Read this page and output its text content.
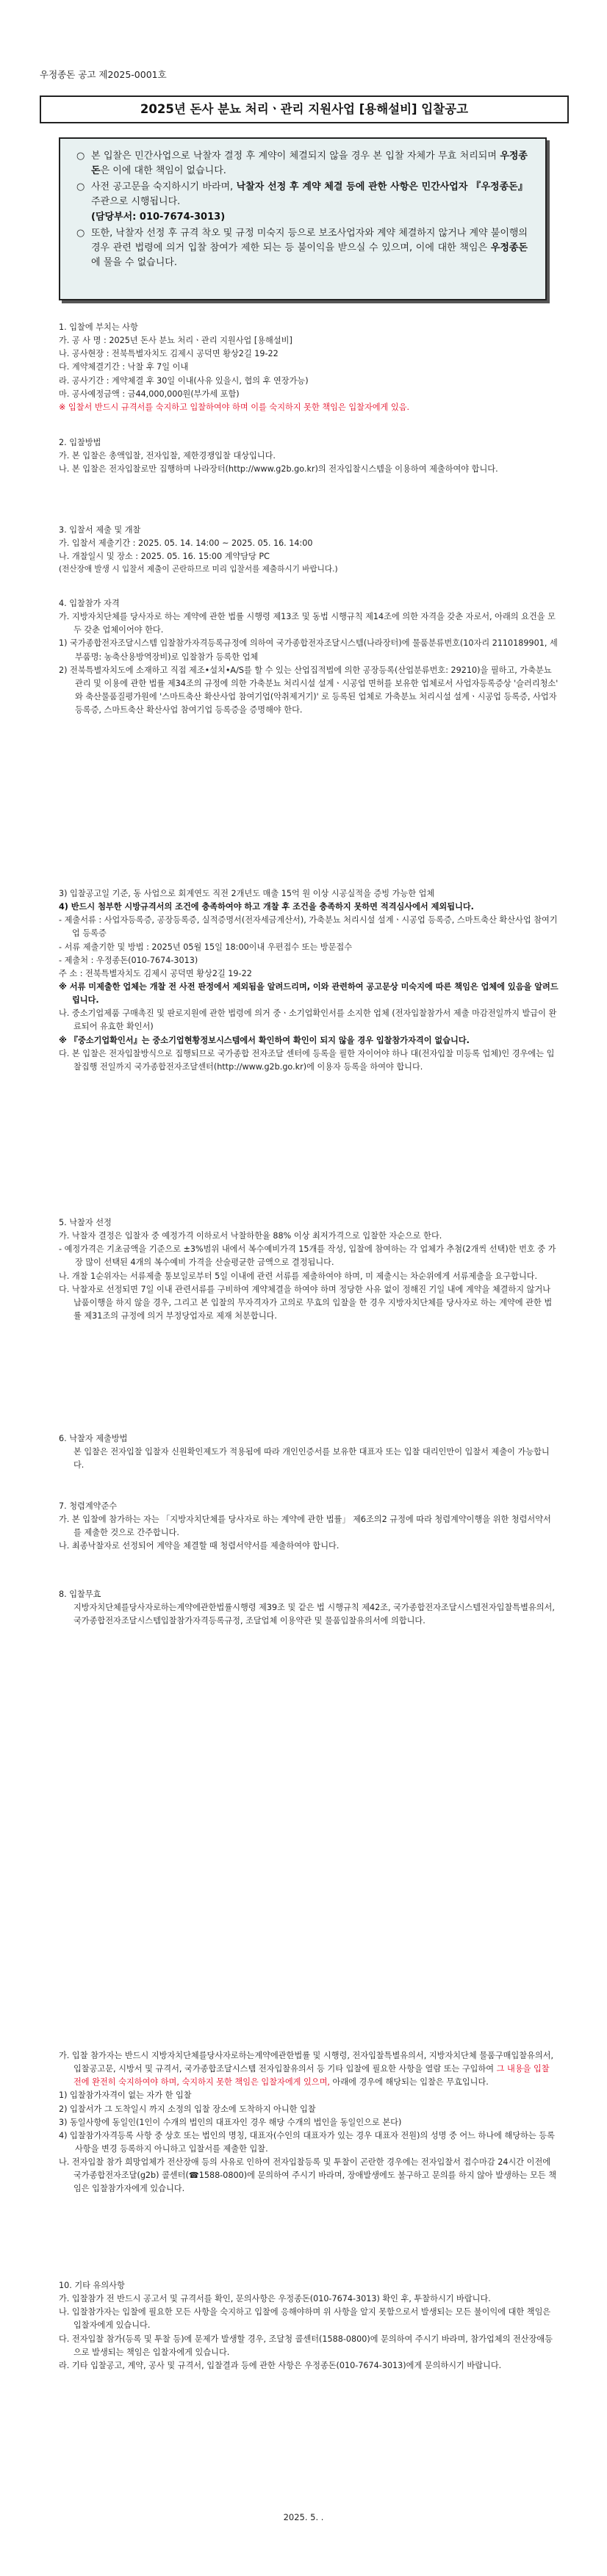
우정종돈 공고 제2025-0001호
2025년 돈사 분뇨 처리ㆍ관리 지원사업 [용해설비] 입찰공고
○ 본 입찰은 민간사업으로 낙찰자 결정 후 계약이 체결되지 않을 경우 본 입찰 자체가 무효 처리되며 우정종돈은 이에 대한 책임이 없습니다.
○ 사전 공고문을 숙지하시기 바라며, 낙찰자 선정 후 계약 체결 등에 관한 사항은 민간사업자 『우정종돈』주관으로 시행됩니다.
(담당부서: 010-7674-3013)
○ 또한, 낙찰자 선정 후 규격 착오 및 규정 미숙지 등으로 보조사업자와 계약 체결하지 않거나 계약 불이행의 경우 관련 법령에 의거 입찰 참여가 제한 되는 등 불이익을 받으실 수 있으며, 이에 대한 책임은 우정종돈에 물을 수 없습니다.

1. 입찰에 부치는 사항

가. 공 사 명 : 2025년 돈사 분뇨 처리ㆍ관리 지원사업 [용해설비]

나. 공사현장 : 전북특별자치도 김제시 공덕면 황상2길 19-22

다. 계약체결기간 : 낙찰 후 7일 이내

라. 공사기간 : 계약체결 후 30일 이내(사유 있을시, 협의 후 연장가능)

마. 공사예정금액 : 금44,000,000원(부가세 포함)

※ 입찰서 반드시 규격서를 숙지하고 입찰하여야 하며 이를 숙지하지 못한 책임은 입찰자에게 있음.

2. 입찰방법

가. 본 입찰은 총액입찰, 전자입찰, 제한경쟁입찰 대상입니다.

나. 본 입찰은 전자입찰로만 집행하며 나라장터(http://www.g2b.go.kr)의 전자입찰시스템을 이용하여 제출하여야 합니다.

3. 입찰서 제출 및 개찰

가. 입찰서 제출기간 : 2025. 05. 14. 14:00 ~ 2025. 05. 16. 14:00

나. 개찰일시 및 장소 : 2025. 05. 16. 15:00 계약담당 PC

(전산장애 발생 시 입찰서 제출이 곤란하므로 미리 입찰서를 제출하시기 바랍니다.)

4. 입찰참가 자격

가. 지방자치단체를 당사자로 하는 계약에 관한 법률 시행령 제13조 및 동법 시행규칙 제14조에 의한 자격을 갖춘 자로서, 아래의 요건을 모두 갖춘 업체이어야 한다.

1) 국가종합전자조달시스템 입찰참가자격등록규정에 의하여 국가종합전자조달시스템(나라장터)에 물품분류번호(10자리 2110189901, 세부품명: 농축산용방역장비)로 입찰참가 등록한 업체

2) 전북특별자치도에 소재하고 직접 제조•설치•A/S를 할 수 있는 산업집적법에 의한 공장등록(산업분류번호: 29210)을 필하고, 가축분뇨관리 및 이용에 관한 법률 제34조의 규정에 의한 가축분뇨 처리시설 설계ㆍ시공업 면허를 보유한 업체로서 사업자등록증상 '슬러리청소' 와 축산물품질평가원에 '스마트축산 확산사업 참여기업(악취제거기)' 로 등록된 업체로 가축분뇨 처리시설 설계ㆍ시공업 등록증, 사업자등록증, 스마트축산 확산사업 참여기업 등록증을 증명해야 한다.

3) 입찰공고일 기준, 동 사업으로 회계연도 직전 2개년도 매출 15억 원 이상 시공실적을 증빙 가능한 업체

4) 반드시 첨부한 시방규격서의 조건에 충족하여야 하고 개찰 후 조건을 충족하지 못하면 적격심사에서 제외됩니다.

- 제출서류 : 사업자등록증, 공장등록증, 실적증명서(전자세금계산서), 가축분뇨 처리시설 설계ㆍ시공업 등록증, 스마트축산 확산사업 참여기업 등록증

- 서류 제출기한 및 방법 : 2025년 05월 15일 18:00이내 우편접수 또는 방문접수

- 제출처 : 우정종돈(010-7674-3013)

주 소 : 전북특별자치도 김제시 공덕면 황상2길 19-22

※ 서류 미제출한 업체는 개찰 전 사전 판정에서 제외됨을 알려드리며, 이와 관련하여 공고문상 미숙지에 따른 책임은 업체에 있음을 알려드립니다.

나. 중소기업제품 구매촉진 및 판로지원에 관한 법령에 의거 중ㆍ소기업확인서를 소지한 업체 (전자입찰참가서 제출 마감전일까지 발급이 완료되어 유효한 확인서)

※ 『중소기업확인서』는 중소기업현황정보시스템에서 확인하여 확인이 되지 않을 경우 입찰참가자격이 없습니다.

다. 본 입찰은 전자입찰방식으로 집행되므로 국가종합 전자조달 센터에 등록을 필한 자이어야 하나 대(전자입찰 미등록 업체)인 경우에는 입찰집행 전일까지 국가종합전자조달센터(http://www.g2b.go.kr)에 이용자 등록을 하여야 합니다.

5. 낙찰자 선정

가. 낙찰자 결정은 입찰자 중 예정가격 이하로서 낙찰하한율 88% 이상 최저가격으로 입찰한 자순으로 한다.

- 예정가격은 기초금액을 기준으로 ±3%범위 내에서 복수예비가격 15개를 작성, 입찰에 참여하는 각 업체가 추첨(2개씩 선택)한 번호 중 가장 많이 선택된 4개의 복수예비 가격을 산술평균한 금액으로 결정됩니다.

나. 개찰 1순위자는 서류제출 통보일로부터 5일 이내에 관련 서류를 제출하여야 하며, 미 제출시는 차순위에게 서류제출을 요구합니다.

다. 낙찰자로 선정되면 7일 이내 관련서류를 구비하여 계약체결을 하여야 하며 정당한 사유 없이 정해진 기일 내에 계약을 체결하지 않거나 납품이행을 하지 않을 경우, 그리고 본 입찰의 무자격자가 고의로 무효의 입찰을 한 경우 지방자치단체를 당사자로 하는 계약에 관한 법률 제31조의 규정에 의거 부정당업자로 제재 처분합니다.

6. 낙찰자 제출방법

본 입찰은 전자입찰 입찰자 신원확인제도가 적용됨에 따라 개인인증서를 보유한 대표자 또는 입찰 대리인만이 입찰서 제출이 가능합니다.

7. 청렴계약준수

가. 본 입찰에 참가하는 자는 「지방자치단체를 당사자로 하는 계약에 관한 법률」 제6조의2 규정에 따라 청렴계약이행을 위한 청렴서약서를 제출한 것으로 간주합니다.

나. 최종낙찰자로 선정되어 계약을 체결할 때 청렴서약서를 제출하여야 합니다.

8. 입찰무효

지방자치단체를당사자로하는계약에관한법률시행령 제39조 및 같은 법 시행규칙 제42조, 국가종합전자조달시스템전자입찰특별유의서, 국가종합전자조달시스템입찰참가자격등록규정, 조달업체 이용약관 및 물품입찰유의서에 의합니다.

가. 입찰 참가자는 반드시 지방자치단체를당사자로하는계약에관한법률 및 시행령, 전자입찰특별유의서, 지방자치단체 물품구매입찰유의서, 입찰공고문, 시방서 및 규격서, 국가종합조달시스템 전자입찰유의서 등 기타 입찰에 필요한 사항을 열람 또는 구입하여 그 내용을 입찰 전에 완전히 숙지하여야 하며, 숙지하지 못한 책임은 입찰자에게 있으며, 아래에 경우에 해당되는 입찰은 무효입니다.

1) 입찰참가자격이 없는 자가 한 입찰

2) 입찰서가 그 도착일시 까지 소정의 입찰 장소에 도착하지 아니한 입찰

3) 동일사항에 동일인(1인이 수개의 법인의 대표자인 경우 해당 수개의 법인을 동일인으로 본다)

4) 입찰참가자격등록 사항 중 상호 또는 법인의 명칭, 대표자(수인의 대표자가 있는 경우 대표자 전원)의 성명 중 어느 하나에 해당하는 등록사항을 변경 등록하지 아니하고 입찰서를 제출한 입찰.

나. 전자입찰 참가 희망업체가 전산장애 등의 사유로 인하여 전자입찰등록 및 투찰이 곤란한 경우에는 전자입찰서 접수마감 24시간 이전에 국가종합전자조달(g2b) 콜센터(☎1588-0800)에 문의하여 주시기 바라며, 장애발생에도 불구하고 문의를 하지 않아 발생하는 모든 책임은 입찰참가자에게 있습니다.

10. 기타 유의사항

가. 입찰참가 전 반드시 공고서 및 규격서를 확인, 문의사항은 우정종돈(010-7674-3013) 확인 후, 투찰하시기 바랍니다.

나. 입찰참가자는 입찰에 필요한 모든 사항을 숙지하고 입찰에 응해야하며 위 사항을 알지 못함으로서 발생되는 모든 불이익에 대한 책임은 입찰자에게 있습니다.

다. 전자입찰 참가(등록 및 투찰 등)에 문제가 발생할 경우, 조달청 콜센터(1588-0800)에 문의하여 주시기 바라며, 참가업체의 전산장애등으로 발생되는 책임은 입찰자에게 있습니다.

라. 기타 입찰공고, 계약, 공사 및 규격서, 입찰결과 등에 관한 사항은 우정종돈(010-7674-3013)에게 문의하시기 바랍니다.

2025. 5. .
